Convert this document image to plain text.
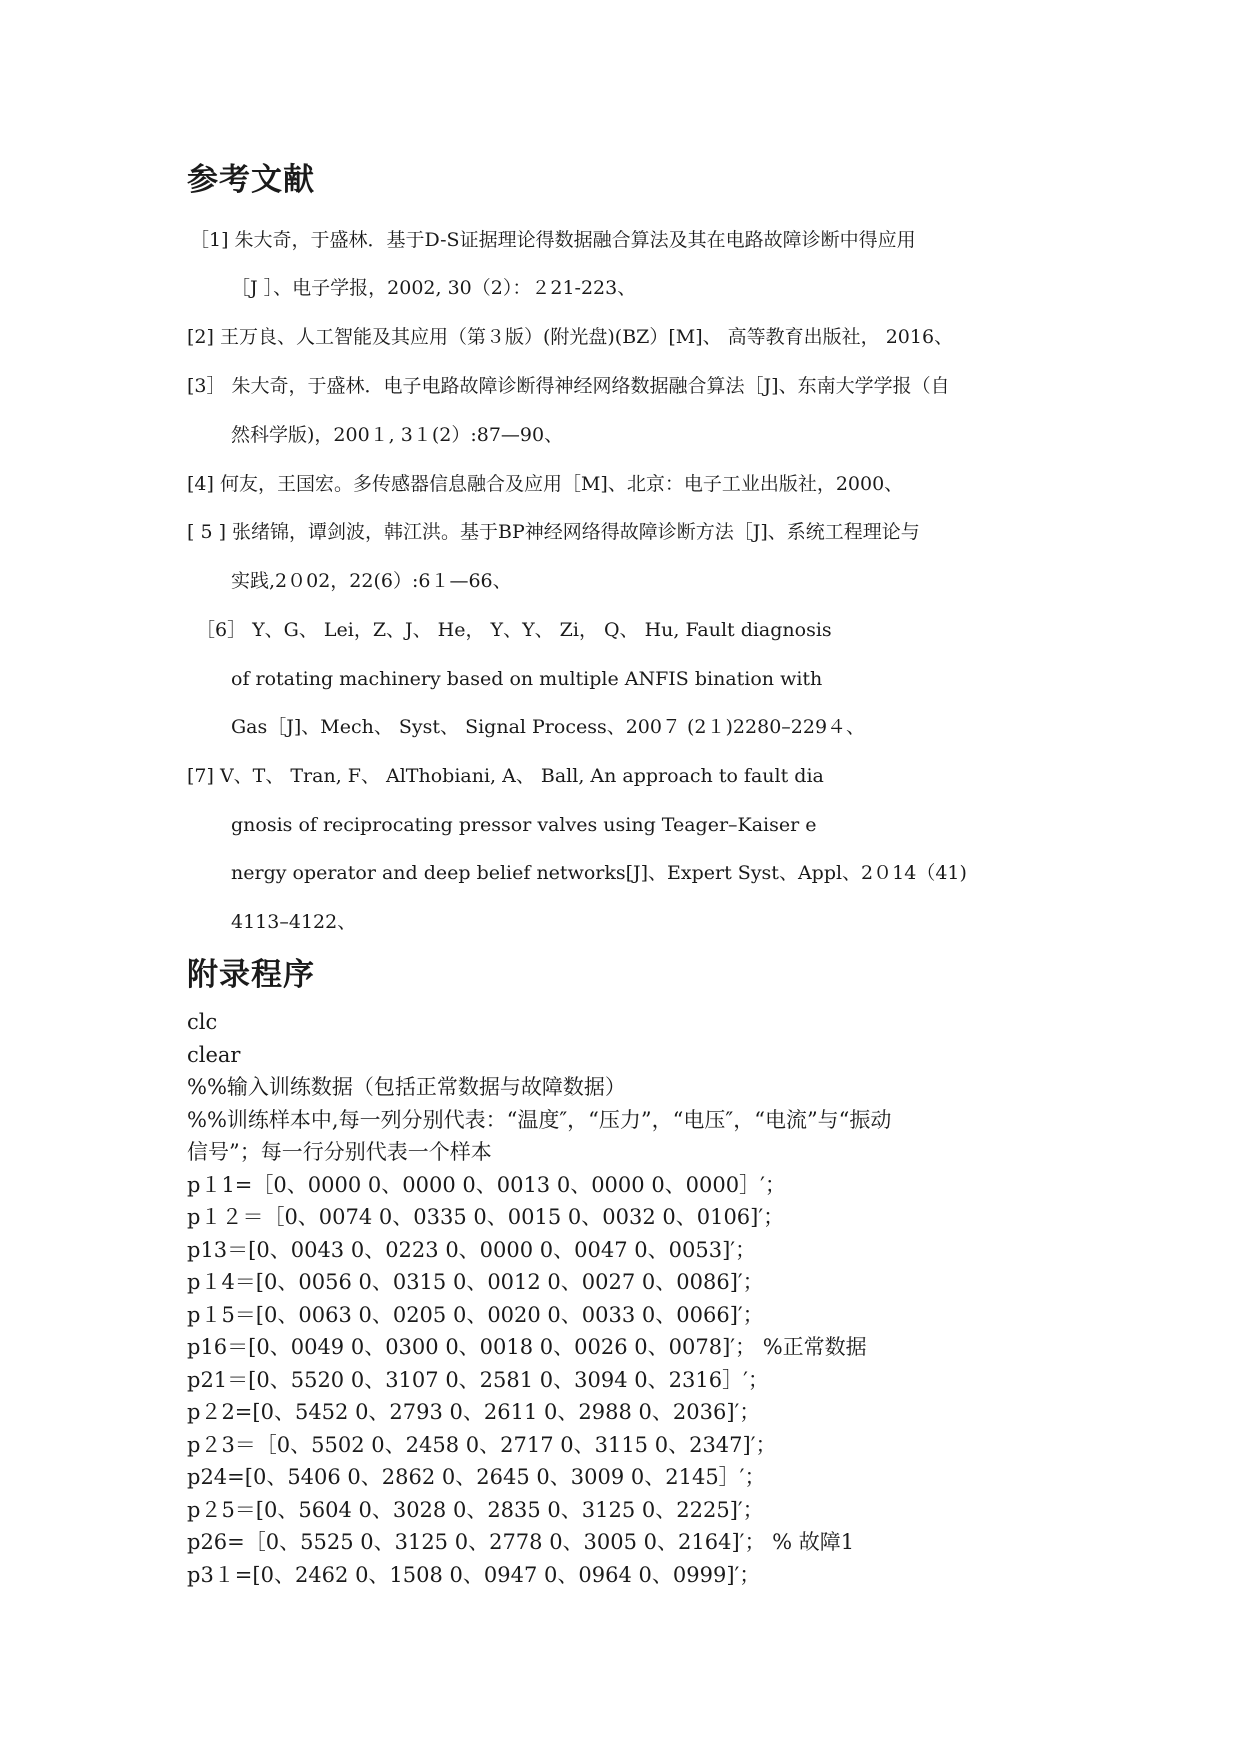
参考文献
［1] 朱大奇，于盛林．基于D-S证据理论得数据融合算法及其在电路故障诊断中得应用
［J ］、电子学报，2002, 30（2）：２21-223、
[2] 王万良、人工智能及其应用（第３版）(附光盘)(BZ）[M]、 高等教育出版社， 2016、
[3］ 朱大奇，于盛林．电子电路故障诊断得神经网络数据融合算法［J]、东南大学学报（自
然科学版)，200１, 3１(2）:87—90、
[4] 何友，王国宏。多传感器信息融合及应用［M]、北京：电子工业出版社，2000、
[ 5 ] 张绪锦，谭剑波，韩江洪。基于BP神经网络得故障诊断方法［J]、系统工程理论与
实践,2０02，22(6）:6１—66、
［6］ Y、G、 Lei，Z、J、 He， Y、Y、 Zi， Q、 Hu, Fault diagnosis
of rotating machinery based on multiple ANFIS bination with
Gas［J]、Mech、 Syst、 Signal Process、200７ (2１)2280–229４、
[7] V、T、 Tran, F、 AlThobiani, A、 Ball, An approach to fault dia
gnosis of reciprocating pressor valves using Teager–Kaiser e
nergy operator and deep belief networks[J]、Expert Syst、Appl、2０14（41)
4113–4122、
附录程序
clc
clear
%%输入训练数据（包括正常数据与故障数据）
%%训练样本中,每一列分别代表：“温度″，“压力”，“电压″，“电流”与“振动
信号”；每一行分别代表一个样本
p１1=［0、0000 0、0000 0、0013 0、0000 0、0000］′；
p１２＝［0、0074 0、0335 0、0015 0、0032 0、0106]′；
p13＝[0、0043 0、0223 0、0000 0、0047 0、0053]′；
p１4＝[0、0056 0、0315 0、0012 0、0027 0、0086]′；
p１5＝[0、0063 0、0205 0、0020 0、0033 0、0066]′；
p16＝[0、0049 0、0300 0、0018 0、0026 0、0078]′； %正常数据
p21＝[0、5520 0、3107 0、2581 0、3094 0、2316］′；
p２2=[0、5452 0、2793 0、2611 0、2988 0、2036]′；
p２3＝［0、5502 0、2458 0、2717 0、3115 0、2347]′；
p24=[0、5406 0、2862 0、2645 0、3009 0、2145］′；
p２5＝[0、5604 0、3028 0、2835 0、3125 0、2225]′；
p26=［0、5525 0、3125 0、2778 0、3005 0、2164]′； % 故障1
p3１=[0、2462 0、1508 0、0947 0、0964 0、0999]′；
